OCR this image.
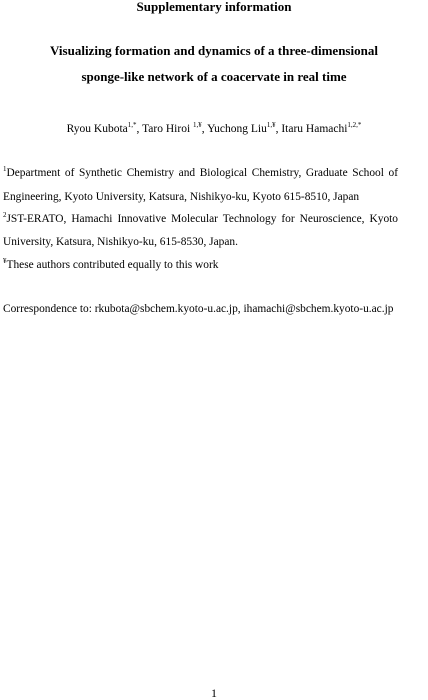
Supplementary information
Visualizing formation and dynamics of a three-dimensional
sponge-like network of a coacervate in real time
Ryou Kubota$^{1,*}$, Taro Hiroi $^{1,¥}$, Yuchong Liu$^{1,¥}$, Itaru Hamachi$^{1,2,*}$
$^1$Department of Synthetic Chemistry and Biological Chemistry, Graduate School of
Engineering, Kyoto University, Katsura, Nishikyo-ku, Kyoto 615-8510, Japan
$^2$JST-ERATO, Hamachi Innovative Molecular Technology for Neuroscience, Kyoto
University, Katsura, Nishikyo-ku, 615-8530, Japan.
¥These authors contributed equally to this work
Correspondence to: rkubota@sbchem.kyoto-u.ac.jp, ihamachi@sbchem.kyoto-u.ac.jp
1
